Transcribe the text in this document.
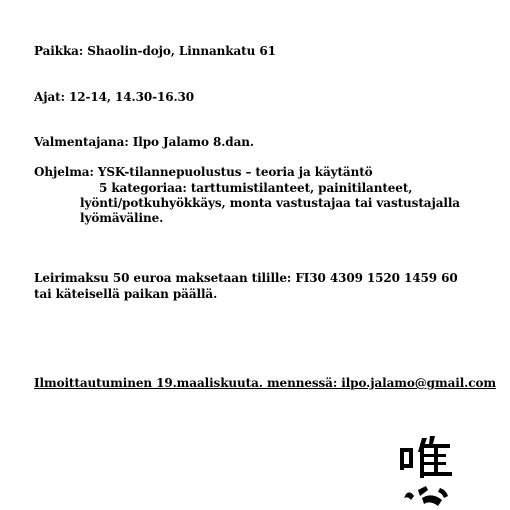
Paikka: Shaolin-dojo, Linnankatu 61
Ajat: 12-14, 14.30-16.30
Valmentajana: Ilpo Jalamo 8.dan.
Ohjelma: YSK-tilannepuolustus – teoria ja käytäntö
5 kategoriaa: tarttumistilanteet, painitilanteet,
lyönti/potkuhyökkäys, monta vastustajaa tai vastustajalla
lyömäväline.
Leirimaksu 50 euroa maksetaan tilille: FI30 4309 1520 1459 60
tai käteisellä paikan päällä.
Ilmoittautuminen 19.maaliskuuta. mennessä: ilpo.jalamo@gmail.com
